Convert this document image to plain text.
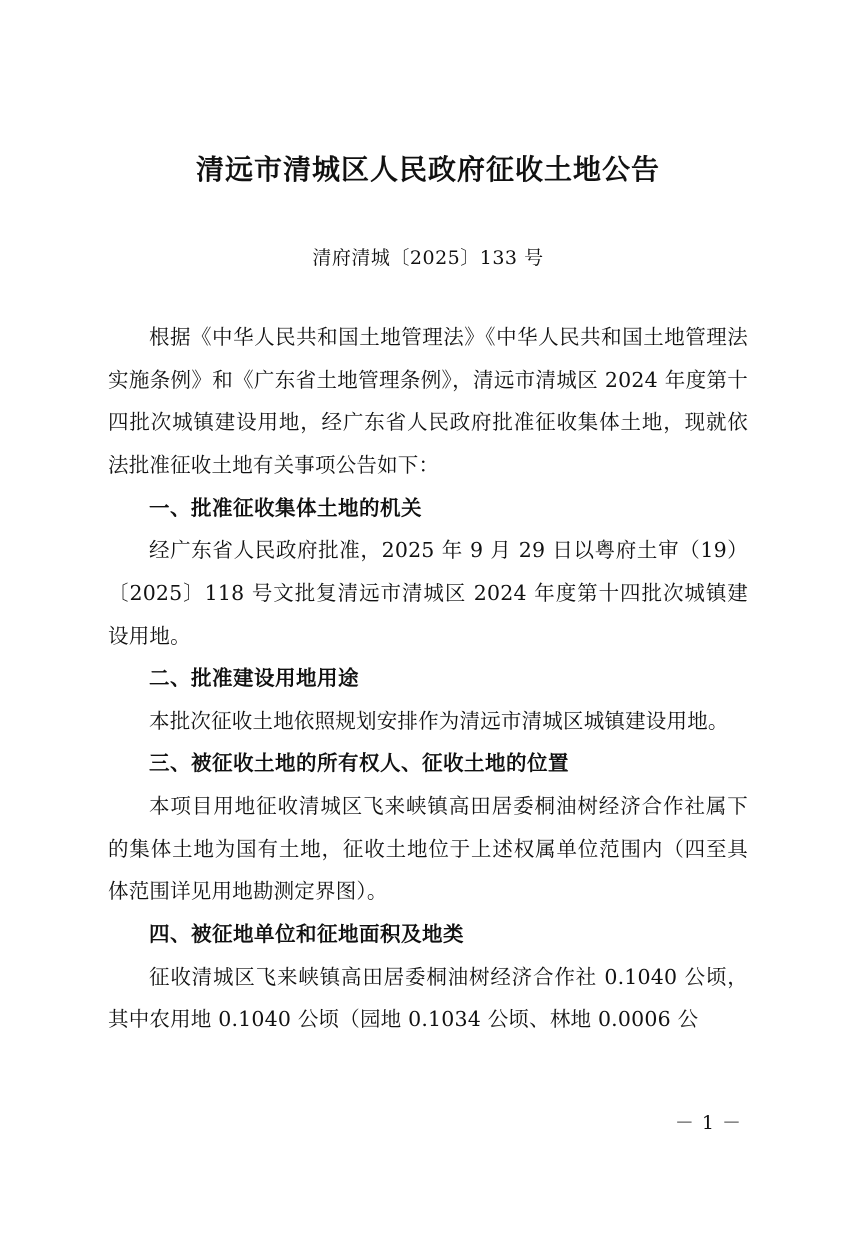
清远市清城区人民政府征收土地公告
清府清城〔2025〕133 号

根据《中华人民共和国土地管理法》《中华人民共和国土地管理法实施条例》和《广东省土地管理条例》，清远市清城区 2024 年度第十四批次城镇建设用地，经广东省人民政府批准征收集体土地，现就依法批准征收土地有关事项公告如下：

一、批准征收集体土地的机关

经广东省人民政府批准，2025 年 9 月 29 日以粤府土审（19）〔2025〕118 号文批复清远市清城区 2024 年度第十四批次城镇建设用地。

二、批准建设用地用途

本批次征收土地依照规划安排作为清远市清城区城镇建设用地。

三、被征收土地的所有权人、征收土地的位置

本项目用地征收清城区飞来峡镇高田居委桐油树经济合作社属下的集体土地为国有土地，征收土地位于上述权属单位范围内（四至具体范围详见用地勘测定界图）。

四、被征地单位和征地面积及地类

征收清城区飞来峡镇高田居委桐油树经济合作社 0.1040 公顷，其中农用地 0.1040 公顷（园地 0.1034 公顷、林地 0.0006 公

－ 1 －
